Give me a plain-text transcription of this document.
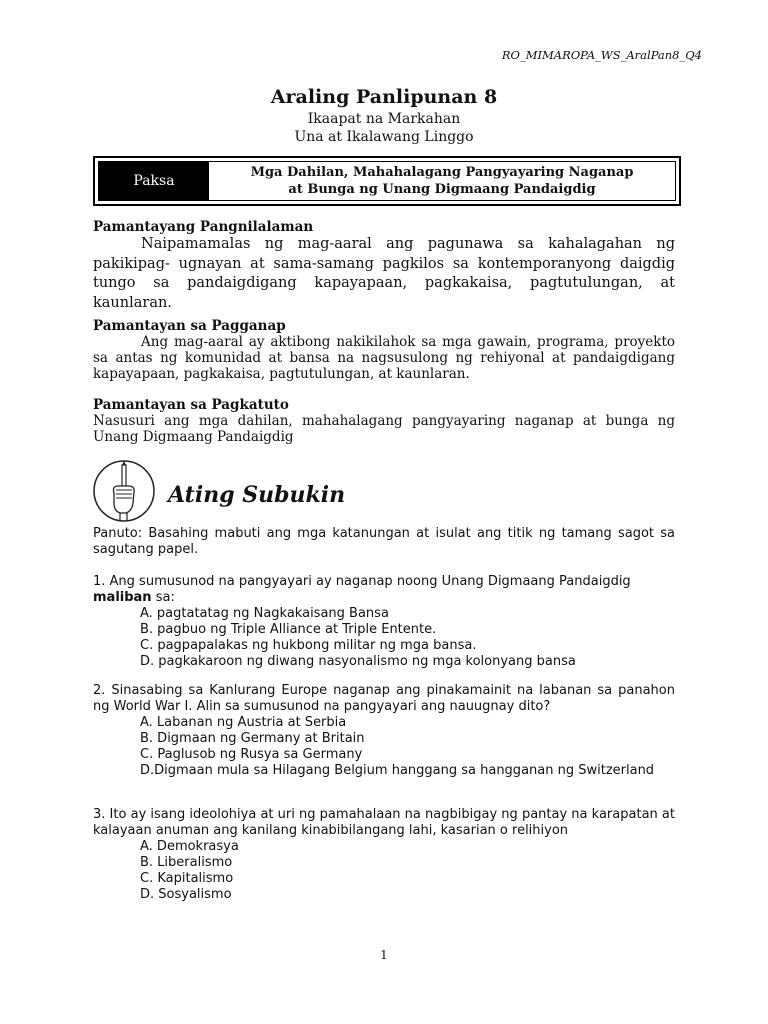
RO_MIMAROPA_WS_AralPan8_Q4
Araling Panlipunan 8
Ikaapat na Markahan
Una at Ikalawang Linggo
Paksa
Mga Dahilan, Mahahalagang Pangyayaring Naganap
at Bunga ng Unang Digmaang Pandaigdig
Pamantayang Pangnilalaman
Naipamamalas ng mag-aaral ang pagunawa sa kahalagahan ng pakikipag- ugnayan at sama-samang pagkilos sa kontemporanyong daigdig tungo sa pandaigdigang kapayapaan, pagkakaisa, pagtutulungan, at kaunlaran.
Pamantayan sa Pagganap
Ang mag-aaral ay aktibong nakikilahok sa mga gawain, programa, proyekto sa antas ng komunidad at bansa na nagsusulong ng rehiyonal at pandaigdigang kapayapaan, pagkakaisa, pagtutulungan, at kaunlaran.
Pamantayan sa Pagkatuto
Nasusuri ang mga dahilan, mahahalagang pangyayaring naganap at bunga ng Unang Digmaang Pandaigdig
Ating Subukin
Panuto: Basahing mabuti ang mga katanungan at isulat ang titik ng tamang sagot sa sagutang papel.
1. Ang sumusunod na pangyayari ay naganap noong Unang Digmaang Pandaigdig maliban sa:
A. pagtatatag ng Nagkakaisang Bansa
B. pagbuo ng Triple Alliance at Triple Entente.
C. pagpapalakas ng hukbong militar ng mga bansa.
D. pagkakaroon ng diwang nasyonalismo ng mga kolonyang bansa
2. Sinasabing sa Kanlurang Europe naganap ang pinakamainit na labanan sa panahon ng World War I. Alin sa sumusunod na pangyayari ang nauugnay dito?
A. Labanan ng Austria at Serbia
B. Digmaan ng Germany at Britain
C. Paglusob ng Rusya sa Germany
D.Digmaan mula sa Hilagang Belgium hanggang sa hangganan ng Switzerland
3. Ito ay isang ideolohiya at uri ng pamahalaan na nagbibigay ng pantay na karapatan at kalayaan anuman ang kanilang kinabibilangang lahi, kasarian o relihiyon
A. Demokrasya
B. Liberalismo
C. Kapitalismo
D. Sosyalismo
1
